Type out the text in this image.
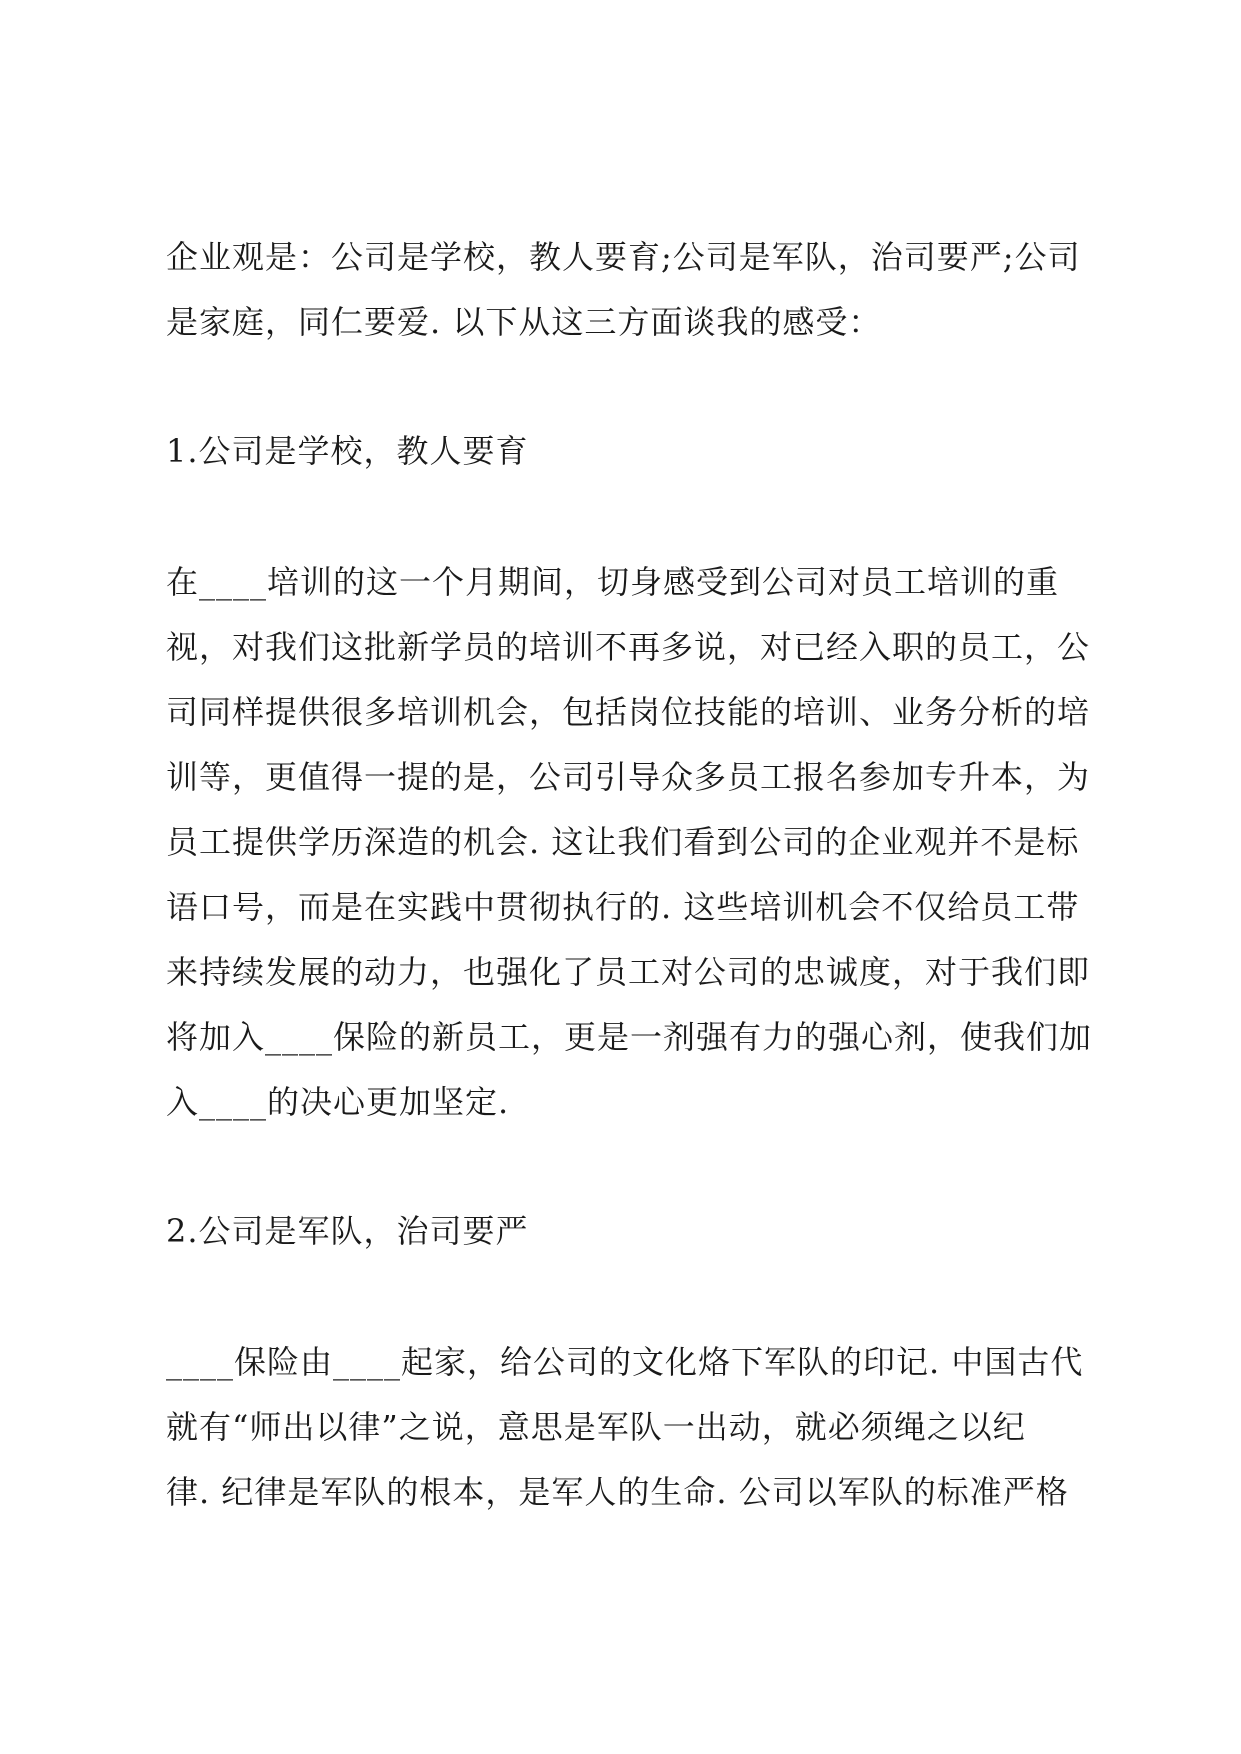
企业观是：公司是学校，教人要育;公司是军队，治司要严;公司
是家庭，同仁要爱. 以下从这三方面谈我的感受：
1.公司是学校，教人要育
在____培训的这一个月期间，切身感受到公司对员工培训的重
视，对我们这批新学员的培训不再多说，对已经入职的员工，公
司同样提供很多培训机会，包括岗位技能的培训、业务分析的培
训等，更值得一提的是，公司引导众多员工报名参加专升本，为
员工提供学历深造的机会. 这让我们看到公司的企业观并不是标
语口号，而是在实践中贯彻执行的. 这些培训机会不仅给员工带
来持续发展的动力，也强化了员工对公司的忠诚度，对于我们即
将加入____保险的新员工，更是一剂强有力的强心剂，使我们加
入____的决心更加坚定.
2.公司是军队，治司要严
____保险由____起家，给公司的文化烙下军队的印记. 中国古代
就有“师出以律”之说，意思是军队一出动，就必须绳之以纪
律. 纪律是军队的根本，是军人的生命. 公司以军队的标准严格
